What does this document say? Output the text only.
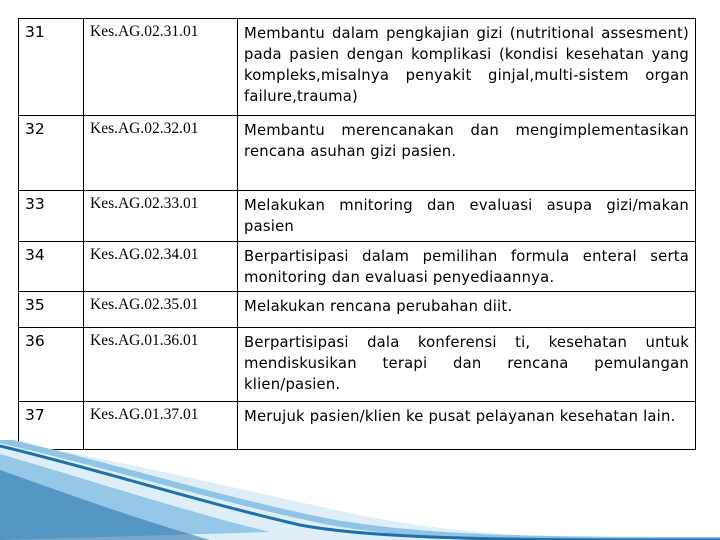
31	Kes.AG.02.31.01	Membantu dalam pengkajian gizi (nutritional assesment) pada pasien dengan komplikasi (kondisi kesehatan yang kompleks,misalnya penyakit ginjal,multi-sistem organ failure,trauma)
32	Kes.AG.02.32.01	Membantu merencanakan dan mengimplementasikan rencana asuhan gizi pasien.
33	Kes.AG.02.33.01	Melakukan mnitoring dan evaluasi asupa gizi/makan pasien
34	Kes.AG.02.34.01	Berpartisipasi dalam pemilihan formula enteral serta monitoring dan evaluasi penyediaannya.
35	Kes.AG.02.35.01	Melakukan rencana perubahan diit.
36	Kes.AG.01.36.01	Berpartisipasi dala konferensi ti, kesehatan untuk mendiskusikan terapi dan rencana pemulangan klien/pasien.
37	Kes.AG.01.37.01	Merujuk pasien/klien ke pusat pelayanan kesehatan lain.
